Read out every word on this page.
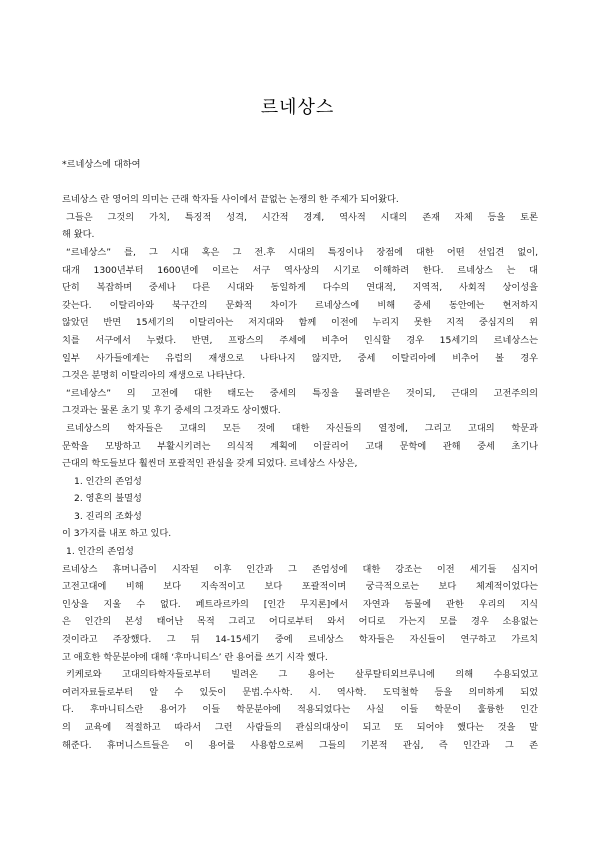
르네상스
*르네상스에 대하여
르네상스 란 영어의 의미는 근래 학자들 사이에서 끝없는 논쟁의 한 주제가 되어왔다.
그들은 그것의 가치, 특징적 성격, 시간적 경계, 역사적 시대의 존재 자체 등을 토론
해 왔다.
“르네상스” 를, 그 시대 혹은 그 전.후 시대의 특징이나 장점에 대한 어떤 선입견 없이,
대개 1300년부터 1600년에 이르는 서구 역사상의 시기로 이해하려 한다. 르네상스 는 대
단히 복잡하며 중세나 다른 시대와 동일하게 다수의 연대적, 지역적, 사회적 상이성을
갖는다. 이탈리아와 북구간의 문화적 차이가 르네상스에 비해 중세 동안에는 현저하지
않았던 반면 15세기의 이탈리아는 저지대와 함께 이전에 누리지 못한 지적 중심지의 위
치를 서구에서 누렸다. 반면, 프랑스의 주세에 비추어 인식할 경우 15세기의 르네상스는
일부 사가들에게는 유럽의 재생으로 나타나지 않지만, 중세 이탈리아에 비추어 볼 경우
그것은 분명히 이탈리아의 재생으로 나타난다.
“르네상스” 의 고전에 대한 태도는 중세의 특징을 물려받은 것이되, 근대의 고전주의의
그것과는 물론 초기 및 후기 중세의 그것과도 상이했다.
르네상스의 학자들은 고대의 모든 것에 대한 자신들의 열정에, 그리고 고대의 학문과
문학을 모방하고 부활시키려는 의식적 계획에 이끌리어 고대 문학에 관해 중세 초기나
근대의 학도들보다 훨씬더 포괄적인 관심을 갖게 되었다. 르네상스 사상은,
1. 인간의 존엄성
2. 영혼의 불멸성
3. 진리의 조화성
이 3가지를 내포 하고 있다.
1. 인간의 존엄성
르네상스 휴머니즘이 시작된 이후 인간과 그 존엄성에 대한 강조는 이전 세기들 심지어
고전고대에 비해 보다 지속적이고 보다 포괄적이며 궁극적으로는 보다 체계적이었다는
인상을 지울 수 없다. 페트라르카의 [인간 무지론]에서 자연과 동물에 관한 우리의 지식
은 인간의 본성 태어난 목적 그리고 어디로부터 와서 어디로 가는지 모를 경우 소용없는
것이라고 주장했다. 그 뒤 14-15세기 중에 르네상스 학자들은 자신들이 연구하고 가르치
고 애호한 학문분야에 대해 ‘후마니티스’ 란 용어를 쓰기 시작 했다.
키케로와 고대의타학자들로부터 빌려온 그 용어는 살루탈티외브루니에 의해 수용되었고
여러자료들로부터 알 수 있듯이 문법.수사학. 시. 역사학. 도덕철학 등을 의미하게 되었
다. 후마니티스란 용어가 이들 학문분야에 적용되었다는 사실 이들 학문이 훌륭한 인간
의 교육에 적절하고 따라서 그런 사람들의 관심의대상이 되고 또 되어야 했다는 것을 말
해준다. 휴머니스트들은 이 용어를 사용함으로써 그들의 기본적 관심, 즉 인간과 그 존
